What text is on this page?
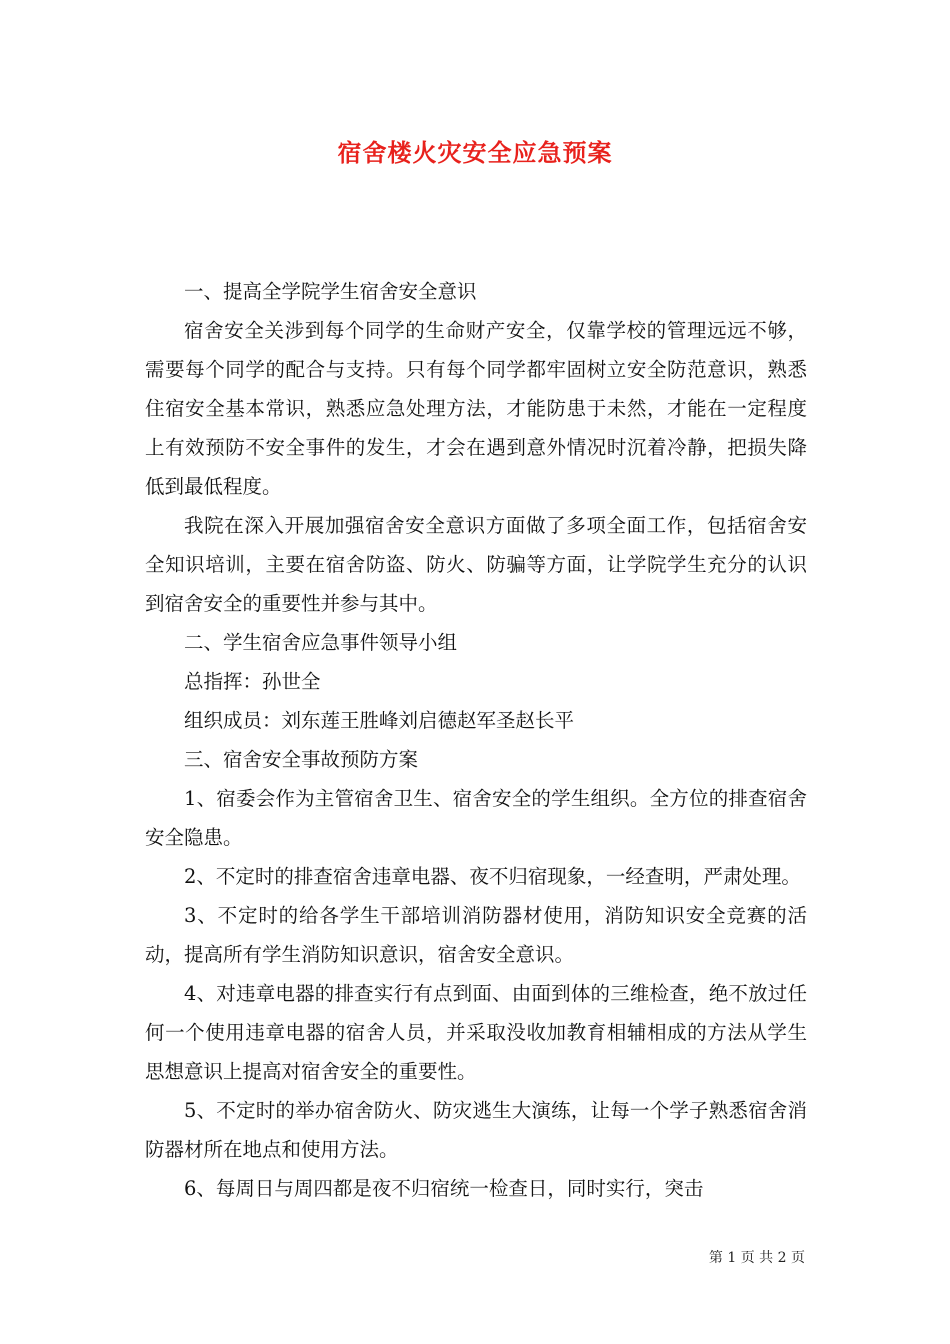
宿舍楼火灾安全应急预案

一、提高全学院学生宿舍安全意识

宿舍安全关涉到每个同学的生命财产安全，仅靠学校的管理远远不够，需要每个同学的配合与支持。只有每个同学都牢固树立安全防范意识，熟悉住宿安全基本常识，熟悉应急处理方法，才能防患于未然，才能在一定程度上有效预防不安全事件的发生，才会在遇到意外情况时沉着冷静，把损失降低到最低程度。

我院在深入开展加强宿舍安全意识方面做了多项全面工作，包括宿舍安全知识培训，主要在宿舍防盗、防火、防骗等方面，让学院学生充分的认识到宿舍安全的重要性并参与其中。

二、学生宿舍应急事件领导小组

总指挥：孙世全

组织成员：刘东莲王胜峰刘启德赵军圣赵长平

三、宿舍安全事故预防方案

1、宿委会作为主管宿舍卫生、宿舍安全的学生组织。全方位的排查宿舍安全隐患。

2、不定时的排查宿舍违章电器、夜不归宿现象，一经查明，严肃处理。

3、不定时的给各学生干部培训消防器材使用，消防知识安全竞赛的活动，提高所有学生消防知识意识，宿舍安全意识。

4、对违章电器的排查实行有点到面、由面到体的三维检查，绝不放过任何一个使用违章电器的宿舍人员，并采取没收加教育相辅相成的方法从学生思想意识上提高对宿舍安全的重要性。

5、不定时的举办宿舍防火、防灾逃生大演练，让每一个学子熟悉宿舍消防器材所在地点和使用方法。

6、每周日与周四都是夜不归宿统一检查日，同时实行，突击

第 1 页 共 2 页
